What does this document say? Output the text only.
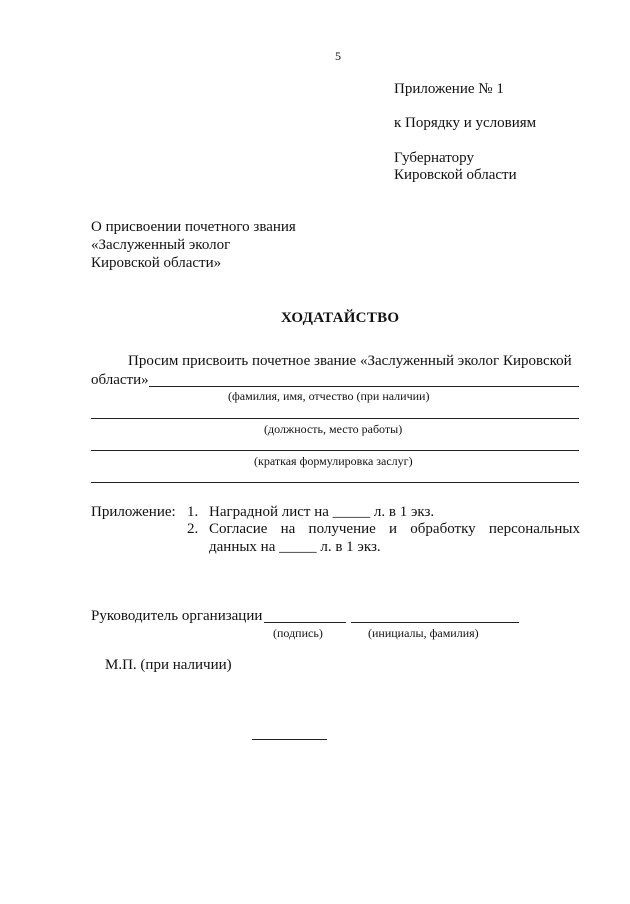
5
Приложение № 1
к Порядку и условиям
Губернатору
Кировской области
О присвоении почетного звания
«Заслуженный эколог
Кировской области»
ХОДАТАЙСТВО
Просим присвоить почетное звание «Заслуженный эколог Кировской
области»
(фамилия, имя, отчество (при наличии)
(должность, место работы)
(краткая формулировка заслуг)
Приложение: 1. Наградной лист на _____ л. в 1 экз.
2. Согласие на получение и обработку персональных
данных на _____ л. в 1 экз.
Руководитель организации
(подпись)	(инициалы, фамилия)
М.П. (при наличии)
